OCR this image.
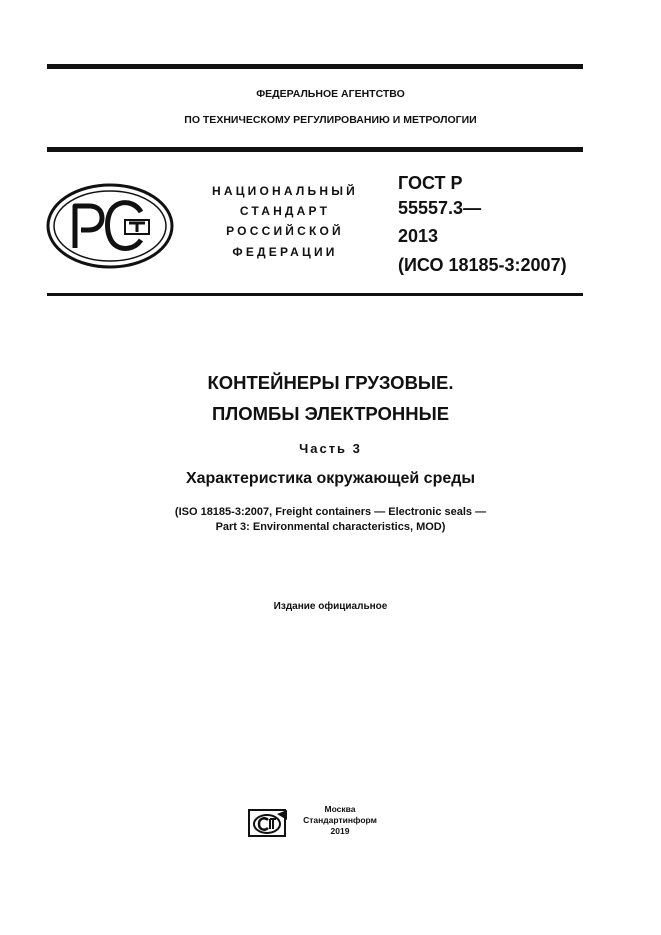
ФЕДЕРАЛЬНОЕ АГЕНТСТВО
ПО ТЕХНИЧЕСКОМУ РЕГУЛИРОВАНИЮ И МЕТРОЛОГИИ
НАЦИОНАЛЬНЫЙ
СТАНДАРТ
РОССИЙСКОЙ
ФЕДЕРАЦИИ
ГОСТ Р
55557.3—
2013
(ИСО 18185-3:2007)
КОНТЕЙНЕРЫ ГРУЗОВЫЕ.
ПЛОМБЫ ЭЛЕКТРОННЫЕ
Часть 3
Характеристика окружающей среды
(ISO 18185-3:2007, Freight containers — Electronic seals —
Part 3: Environmental characteristics, MOD)
Издание официальное
Москва
Стандартинформ
2019
